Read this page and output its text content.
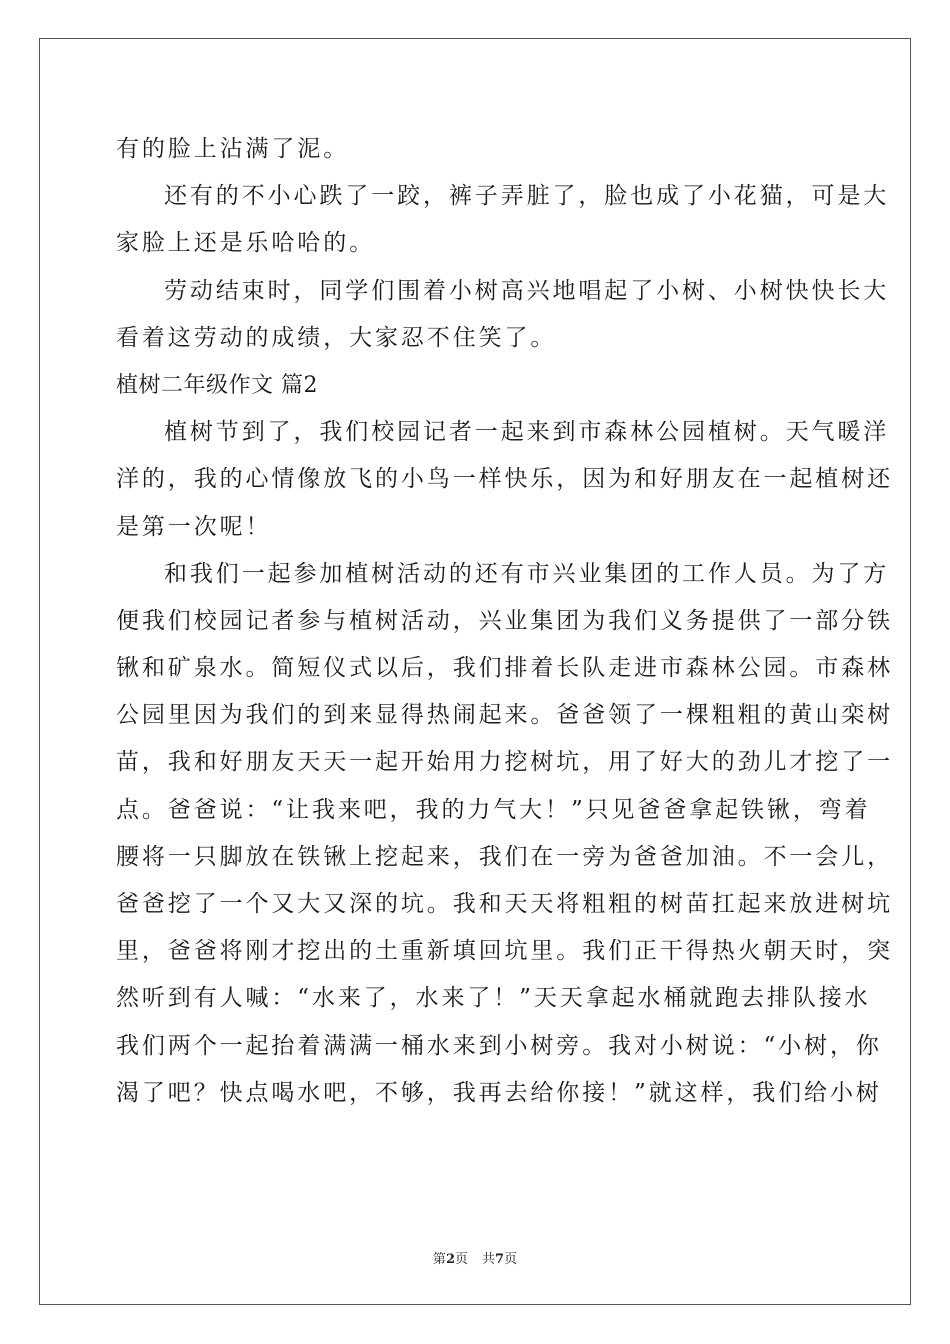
有的脸上沾满了泥。
还有的不小心跌了一跤，裤子弄脏了，脸也成了小花猫，可是大
家脸上还是乐哈哈的。
劳动结束时，同学们围着小树高兴地唱起了小树、小树快快长大
看着这劳动的成绩，大家忍不住笑了。
植树二年级作文 篇2
植树节到了，我们校园记者一起来到市森林公园植树。天气暖洋
洋的，我的心情像放飞的小鸟一样快乐，因为和好朋友在一起植树还
是第一次呢！
和我们一起参加植树活动的还有市兴业集团的工作人员。为了方
便我们校园记者参与植树活动，兴业集团为我们义务提供了一部分铁
锹和矿泉水。简短仪式以后，我们排着长队走进市森林公园。市森林
公园里因为我们的到来显得热闹起来。爸爸领了一棵粗粗的黄山栾树
苗，我和好朋友天天一起开始用力挖树坑，用了好大的劲儿才挖了一
点。爸爸说：“让我来吧，我的力气大！”只见爸爸拿起铁锹，弯着
腰将一只脚放在铁锹上挖起来，我们在一旁为爸爸加油。不一会儿，
爸爸挖了一个又大又深的坑。我和天天将粗粗的树苗扛起来放进树坑
里，爸爸将刚才挖出的土重新填回坑里。我们正干得热火朝天时，突
然听到有人喊：“水来了，水来了！”天天拿起水桶就跑去排队接水
我们两个一起抬着满满一桶水来到小树旁。我对小树说：“小树，你
渴了吧？快点喝水吧，不够，我再去给你接！”就这样，我们给小树
第2页 共7页
